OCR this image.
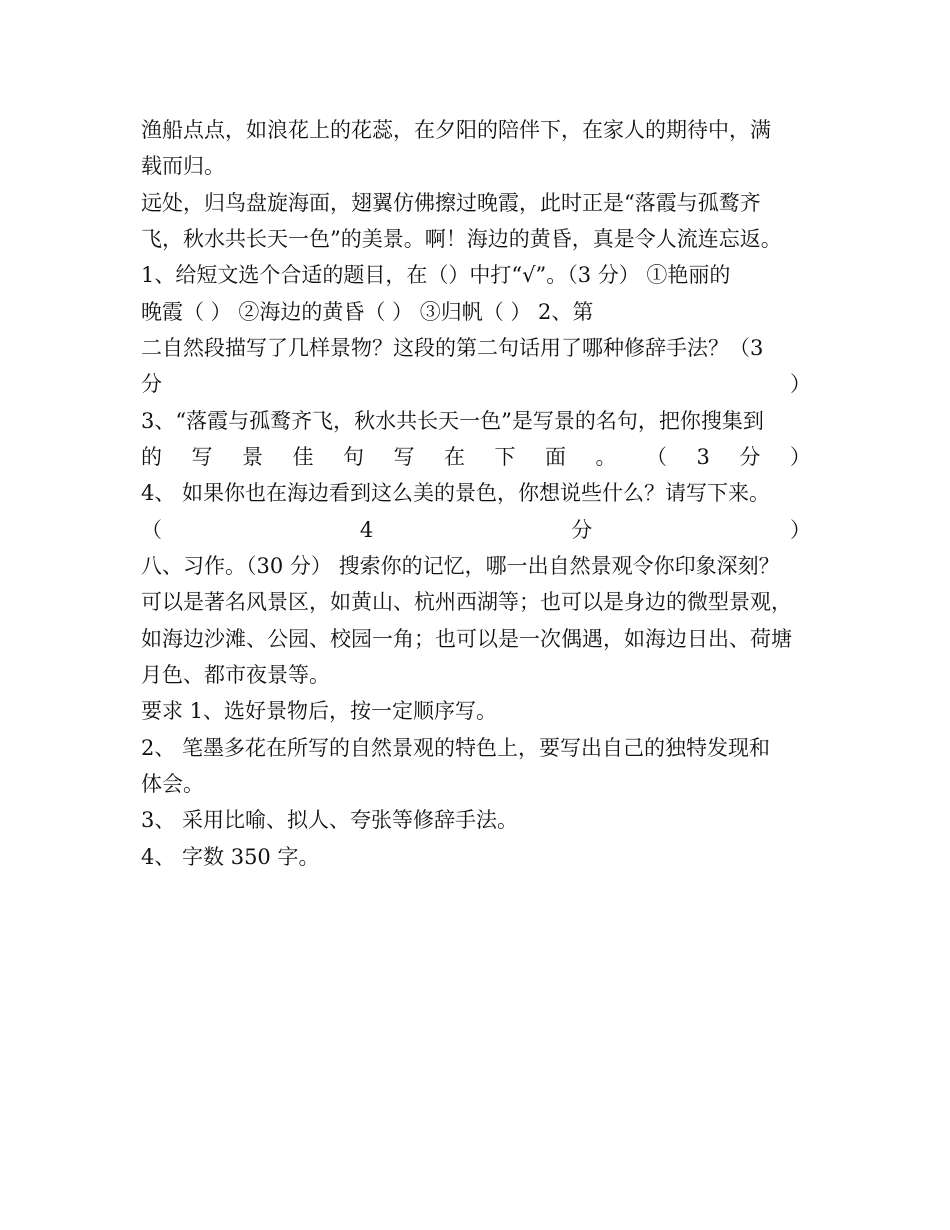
渔船点点，如浪花上的花蕊，在夕阳的陪伴下，在家人的期待中，满
载而归。
远处，归鸟盘旋海面，翅翼仿佛擦过晚霞，此时正是“落霞与孤鹜齐
飞，秋水共长天一色”的美景。啊！海边的黄昏，真是令人流连忘返。
1、给短文选个合适的题目，在（）中打“√”。（3 分） ①艳丽的
晚霞（ ） ②海边的黄昏（ ） ③归帆（ ） 2、第
二自然段描写了几样景物？这段的第二句话用了哪种修辞手法？（3
分	）
3、“落霞与孤鹜齐飞，秋水共长天一色”是写景的名句，把你搜集到
的 写 景 佳 句 写 在 下 面 。 （ 3 分 ）
4、 如果你也在海边看到这么美的景色，你想说些什么？请写下来。
（	4	分	）
八、习作。（30 分） 搜索你的记忆，哪一出自然景观令你印象深刻？
可以是著名风景区，如黄山、杭州西湖等；也可以是身边的微型景观，
如海边沙滩、公园、校园一角；也可以是一次偶遇，如海边日出、荷塘
月色、都市夜景等。
要求 1、选好景物后，按一定顺序写。
2、 笔墨多花在所写的自然景观的特色上，要写出自己的独特发现和
体会。
3、 采用比喻、拟人、夸张等修辞手法。
4、 字数 350 字。
